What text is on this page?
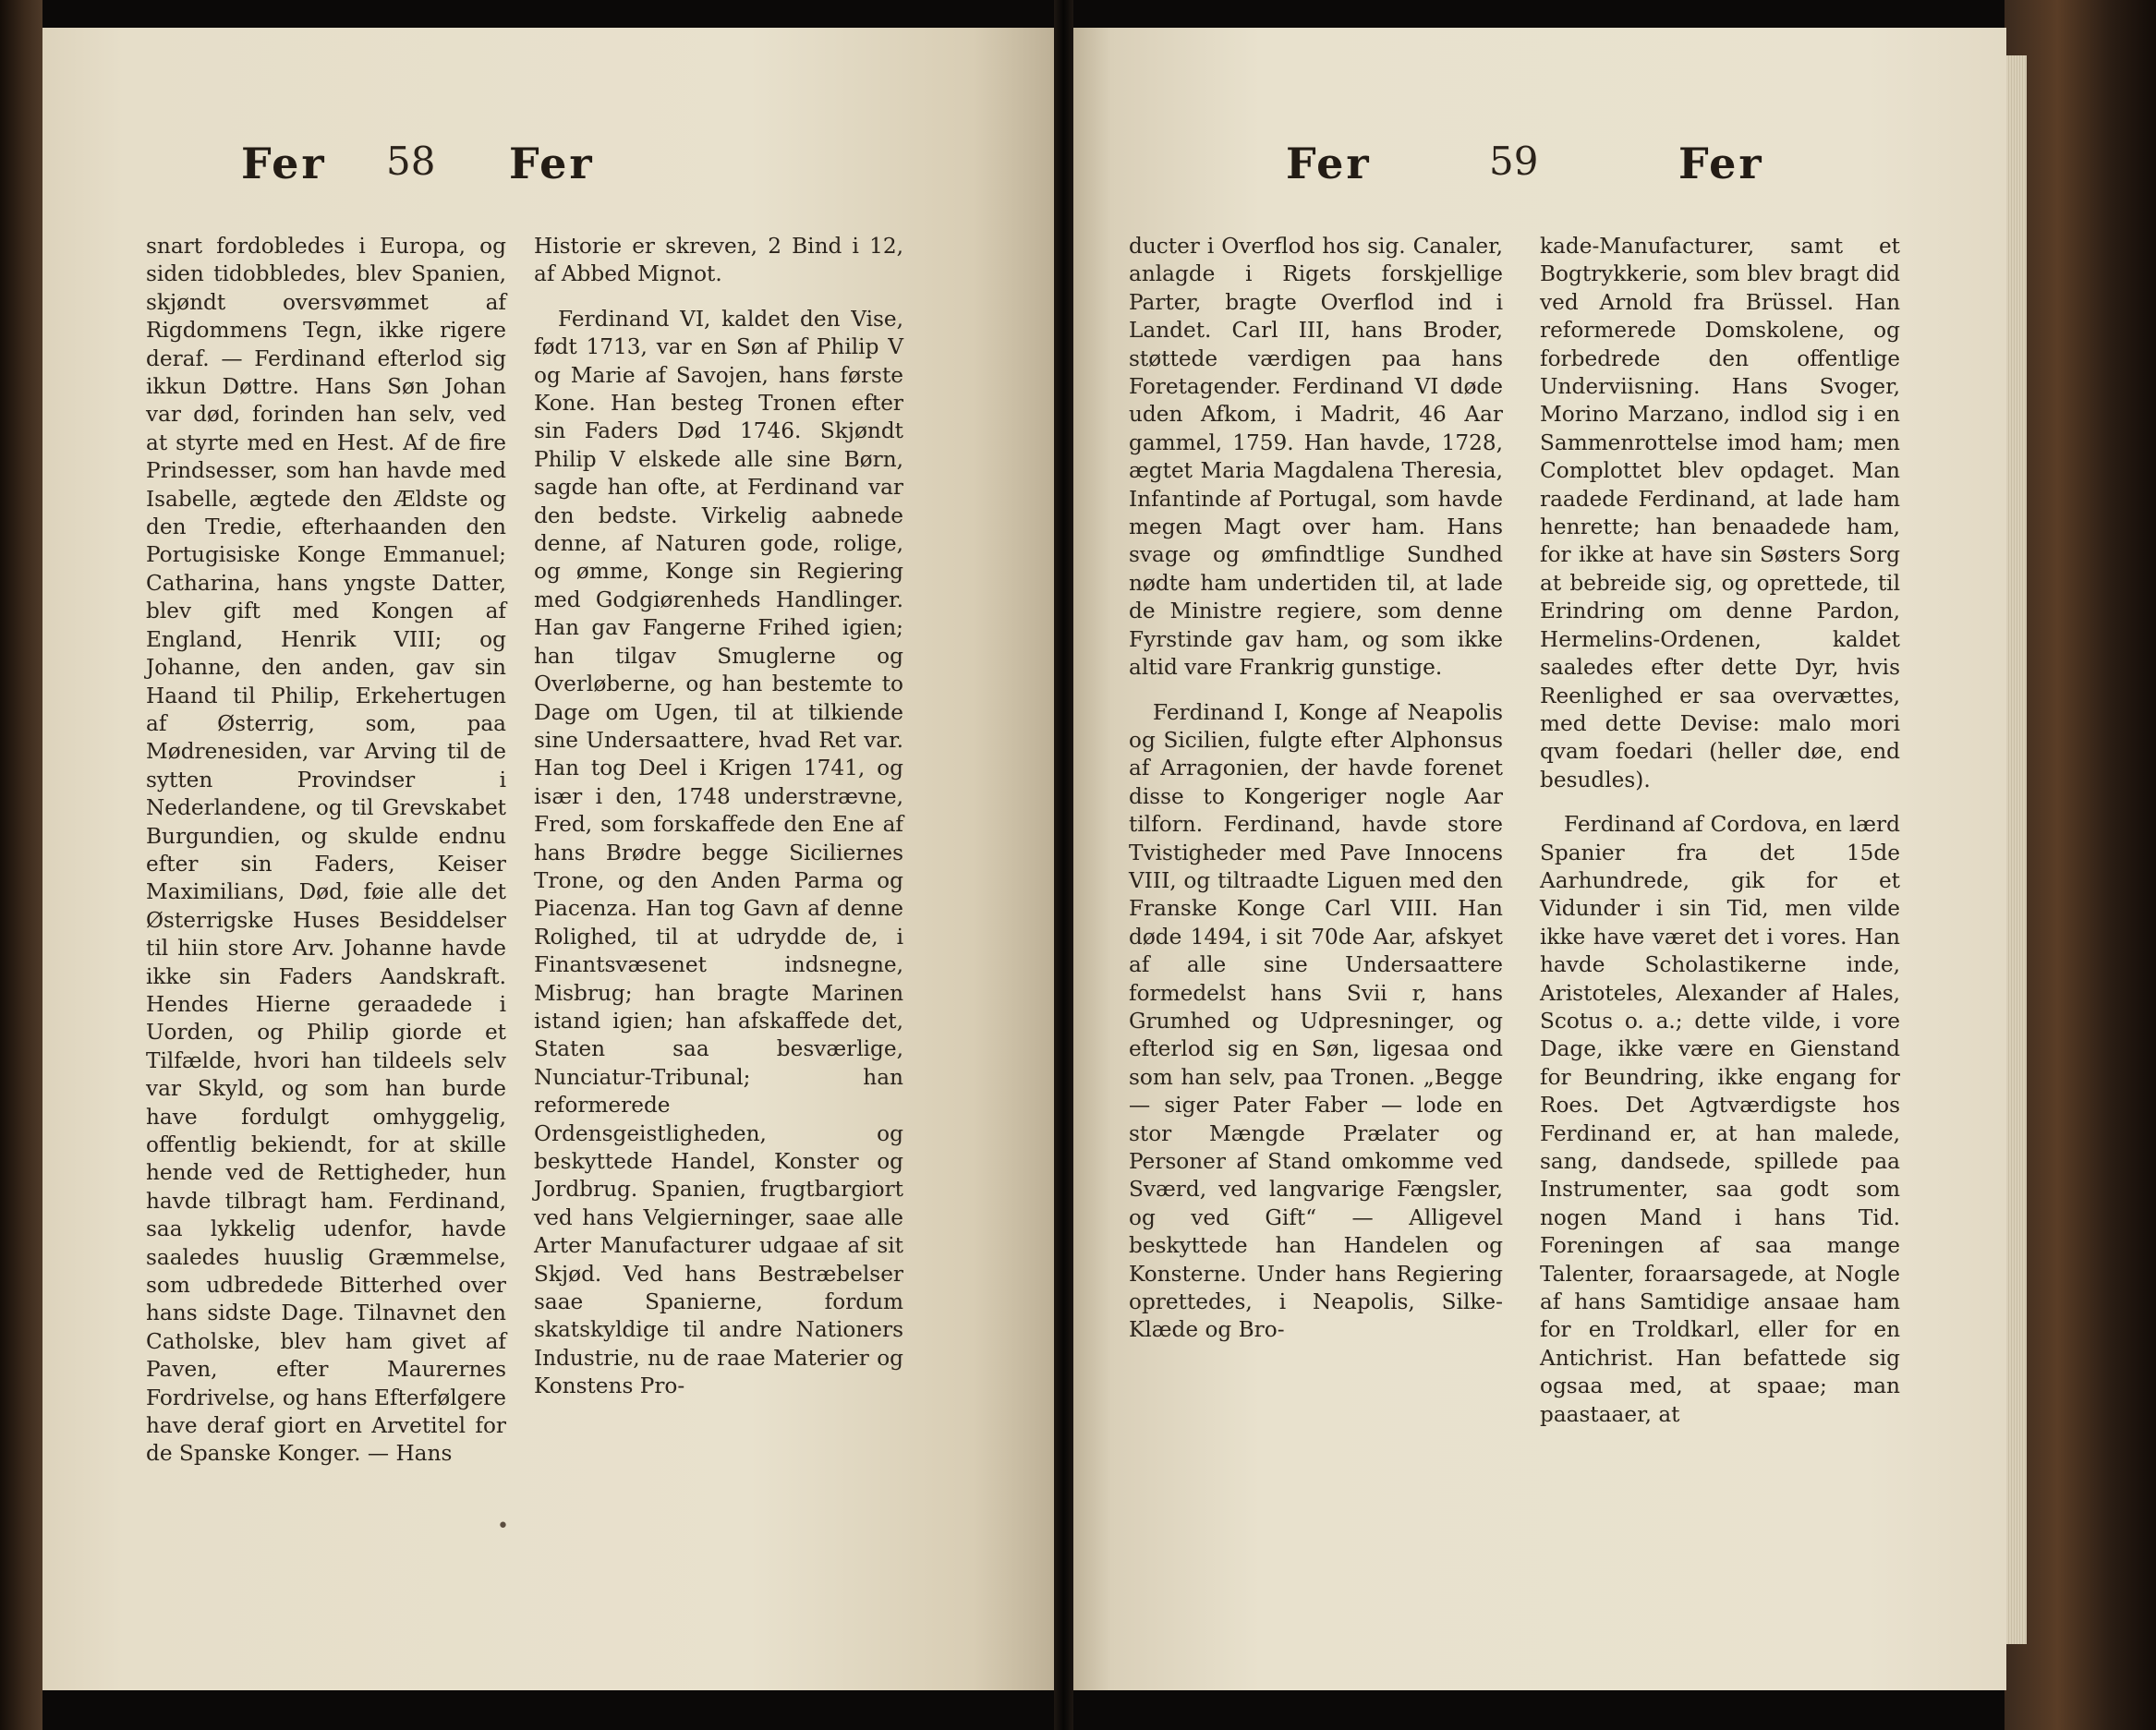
Fer 58 Fer

snart fordobledes i Europa, og siden tidobbledes, blev Spanien, skjøndt oversvømmet af Rigdommens Tegn, ikke rigere deraf. — Ferdinand efterlod sig ikkun Døttre. Hans Søn Johan var død, forinden han selv, ved at styrte med en Hest. Af de fire Prindsesser, som han havde med Isabelle, ægtede den Ældste og den Tredie, efterhaanden den Portugisiske Konge Emmanuel; Catharina, hans yngste Datter, blev gift med Kongen af England, Henrik VIII; og Johanne, den anden, gav sin Haand til Philip, Erkehertugen af Østerrig, som, paa Mødrenesiden, var Arving til de sytten Provindser i Nederlandene, og til Grevskabet Burgundien, og skulde endnu efter sin Faders, Keiser Maximilians, Død, føie alle det Østerrigske Huses Besiddelser til hiin store Arv. Johanne havde ikke sin Faders Aandskraft. Hendes Hierne geraadede i Uorden, og Philip giorde et Tilfælde, hvori han tildeels selv var Skyld, og som han burde have fordulgt omhyggelig, offentlig bekiendt, for at skille hende ved de Rettigheder, hun havde tilbragt ham. Ferdinand, saa lykkelig udenfor, havde saaledes huuslig Græmmelse, som udbredede Bitterhed over hans sidste Dage. Tilnavnet den Catholske, blev ham givet af Paven, efter Maurernes Fordrivelse, og hans Efterfølgere have deraf giort en Arvetitel for de Spanske Konger. — Hans

Historie er skreven, 2 Bind i 12, af Abbed Mignot.

Ferdinand VI, kaldet den Vise, født 1713, var en Søn af Philip V og Marie af Savojen, hans første Kone. Han besteg Tronen efter sin Faders Død 1746. Skjøndt Philip V elskede alle sine Børn, sagde han ofte, at Ferdinand var den bedste. Virkelig aabnede denne, af Naturen gode, rolige, og ømme, Konge sin Regiering med Godgiørenheds Handlinger. Han gav Fangerne Frihed igien; han tilgav Smuglerne og Overløberne, og han bestemte to Dage om Ugen, til at tilkiende sine Undersaattere, hvad Ret var. Han tog Deel i Krigen 1741, og især i den, 1748 understrævne, Fred, som forskaffede den Ene af hans Brødre begge Siciliernes Trone, og den Anden Parma og Piacenza. Han tog Gavn af denne Rolighed, til at udrydde de, i Finantsvæsenet indsnegne, Misbrug; han bragte Marinen istand igien; han afskaffede det, Staten saa besværlige, Nunciatur-Tribunal; han reformerede Ordensgeistligheden, og beskyttede Handel, Konster og Jordbrug. Spanien, frugtbargiort ved hans Velgierninger, saae alle Arter Manufacturer udgaae af sit Skjød. Ved hans Bestræbelser saae Spanierne, fordum skatskyldige til andre Nationers Industrie, nu de raae Materier og Konstens Pro-

•
Fer	59	Fer

ducter i Overflod hos sig. Canaler, anlagde i Rigets forskjellige Parter, bragte Overflod ind i Landet. Carl III, hans Broder, støttede værdigen paa hans Foretagender. Ferdinand VI døde uden Afkom, i Madrit, 46 Aar gammel, 1759. Han havde, 1728, ægtet Maria Magdalena Theresia, Infantinde af Portugal, som havde megen Magt over ham. Hans svage og ømfindtlige Sundhed nødte ham undertiden til, at lade de Ministre regiere, som denne Fyrstinde gav ham, og som ikke altid vare Frankrig gunstige.

Ferdinand I, Konge af Neapolis og Sicilien, fulgte efter Alphonsus af Arragonien, der havde forenet disse to Kongeriger nogle Aar tilforn. Ferdinand, havde store Tvistigheder med Pave Innocens VIII, og tiltraadte Liguen med den Franske Konge Carl VIII. Han døde 1494, i sit 70de Aar, afskyet af alle sine Undersaattere formedelst hans Svii r, hans Grumhed og Udpresninger, og efterlod sig en Søn, ligesaa ond som han selv, paa Tronen. „Begge — siger Pater Faber — lode en stor Mængde Prælater og Personer af Stand omkomme ved Sværd, ved langvarige Fængsler, og ved Gift“ — Alligevel beskyttede han Handelen og Konsterne. Under hans Regiering oprettedes, i Neapolis, Silke-Klæde og Bro-

kade-Manufacturer, samt et Bogtrykkerie, som blev bragt did ved Arnold fra Brüssel. Han reformerede Domskolene, og forbedrede den offentlige Underviisning. Hans Svoger, Morino Marzano, indlod sig i en Sammenrottelse imod ham; men Complottet blev opdaget. Man raadede Ferdinand, at lade ham henrette; han benaadede ham, for ikke at have sin Søsters Sorg at bebreide sig, og oprettede, til Erindring om denne Pardon, Hermelins-Ordenen, kaldet saaledes efter dette Dyr, hvis Reenlighed er saa overvættes, med dette Devise: malo mori qvam foedari (heller døe, end besudles).

Ferdinand af Cordova, en lærd Spanier fra det 15de Aarhundrede, gik for et Vidunder i sin Tid, men vilde ikke have været det i vores. Han havde Scholastikerne inde, Aristoteles, Alexander af Hales, Scotus o. a.; dette vilde, i vore Dage, ikke være en Gienstand for Beundring, ikke engang for Roes. Det Agtværdigste hos Ferdinand er, at han malede, sang, dandsede, spillede paa Instrumenter, saa godt som nogen Mand i hans Tid. Foreningen af saa mange Talenter, foraarsagede, at Nogle af hans Samtidige ansaae ham for en Troldkarl, eller for en Antichrist. Han befattede sig ogsaa med, at spaae; man paastaaer, at
